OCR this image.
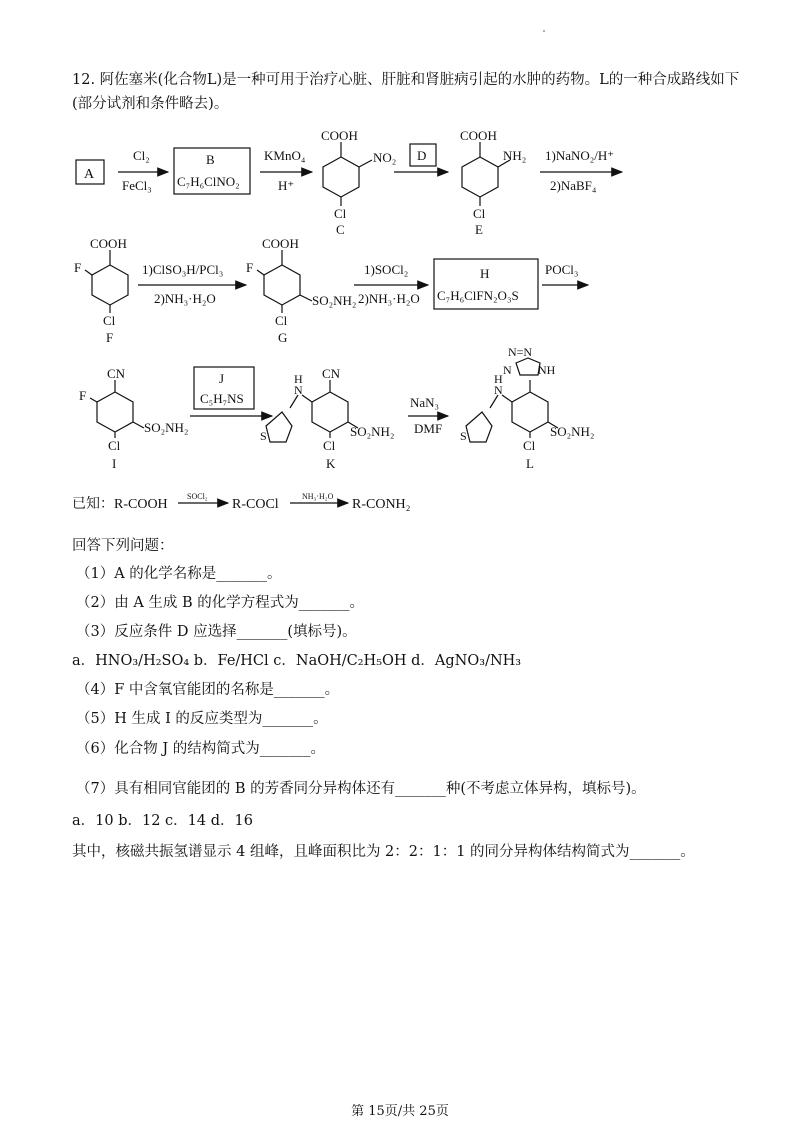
12. 阿佐塞米(化合物L)是一种可用于治疗心脏、肝脏和肾脏病引起的水肿的药物。L的一种合成路线如下(部分试剂和条件略去)。
A
Cl₂
FeCl₃
B
C₇H₆ClNO₂
KMnO₄
H⁺
COOH
NO₂
Cl
C
D
COOH
NH₂
Cl
E
1)NaNO₂/H⁺
2)NaBF₄
COOH
F
Cl
F
1)ClSO₃H/PCl₃
2)NH₃·H₂O
COOH
F
SO₂NH₂
Cl
G
1)SOCl₂
2)NH₃·H₂O
H
C₇H₆ClFN₂O₃S
POCl₃
CN
F
SO₂NH₂
Cl
I
J
C₅H₇NS
H
N
CN
S	SO₂NH₂
Cl
K
NaN₃
DMF
N=N
N NH
H
N
S	SO₂NH₂
Cl
L
已知：R-COOH
SOCl₂
R-COCl
NH₃·H₂O
R-CONH₂
回答下列问题：
（1）A 的化学名称是_______。
（2）由 A 生成 B 的化学方程式为_______。
（3）反应条件 D 应选择_______(填标号)。
a．HNO₃/H₂SO₄ b．Fe/HCl c．NaOH/C₂H₅OH d．AgNO₃/NH₃
（4）F 中含氧官能团的名称是_______。
（5）H 生成 I 的反应类型为_______。
（6）化合物 J 的结构简式为_______。
（7）具有相同官能团的 B 的芳香同分异构体还有_______种(不考虑立体异构，填标号)。
a．10 b．12 c．14 d．16
其中，核磁共振氢谱显示 4 组峰，且峰面积比为 2：2：1：1 的同分异构体结构简式为_______。
第 15页/共 25页
